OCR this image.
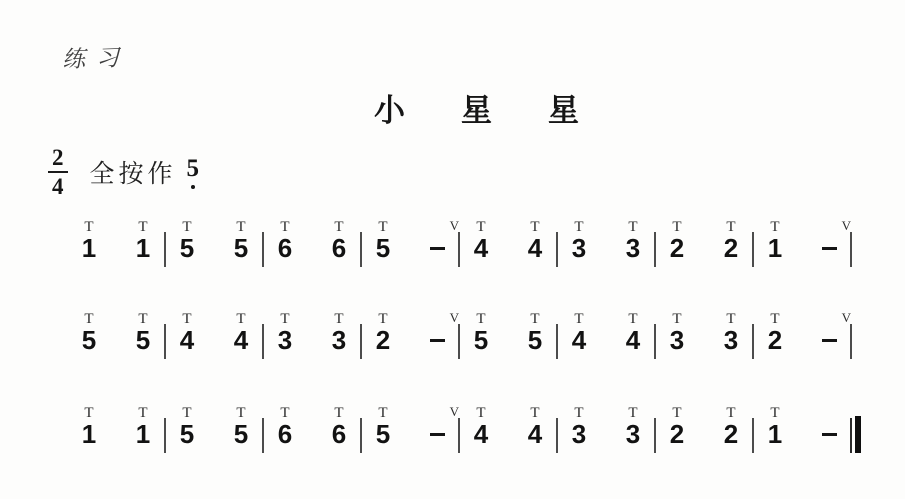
练习
小星星
$\frac{2}{4}$ 全按作 5
T
1
T
1
T
5
T
5
T
6
T
6
T
5
V
T
4
T
4
T
3
T
3
T
2
T
2
T
1
V

T
5
T
5
T
4
T
4
T
3
T
3
T
2
V
T
5
T
5
T
4
T
4
T
3
T
3
T
2
V

T
1
T
1
T
5
T
5
T
6
T
6
T
5
V
T
4
T
4
T
3
T
3
T
2
T
2
T
1
